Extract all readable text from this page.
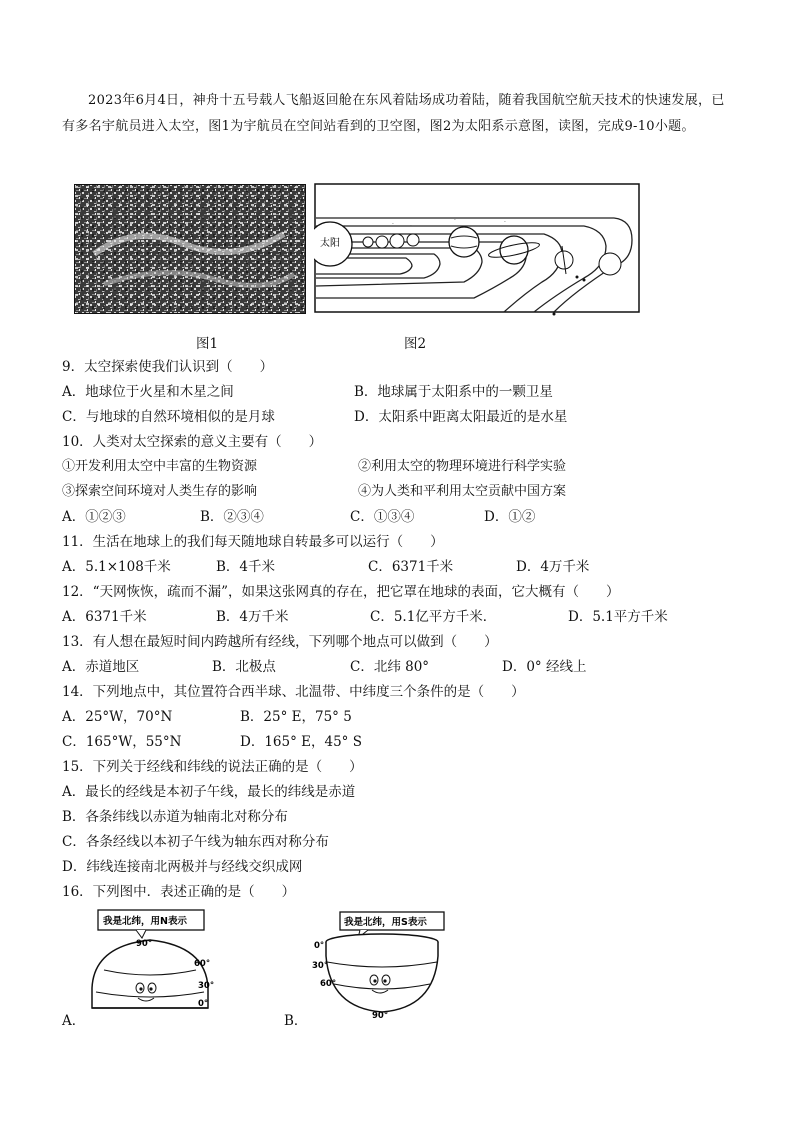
2023年6月4日，神舟十五号载人飞船返回舱在东风着陆场成功着陆，随着我国航空航天技术的快速发展，已有多名宇航员进入太空，图1为宇航员在空间站看到的卫空图，图2为太阳系示意图，读图，完成9-10小题。
图1
太阳
·	·
·	·
图2
9．太空探索使我们认识到（　　）
A．地球位于火星和木星之间	B．地球属于太阳系中的一颗卫星
C．与地球的自然环境相似的是月球	D．太阳系中距离太阳最近的是水星
10．人类对太空探索的意义主要有（　　）
①开发利用太空中丰富的生物资源	②利用太空的物理环境进行科学实验
③探索空间环境对人类生存的影响	④为人类和平利用太空贡献中国方案
A．①②③	B．②③④	C．①③④	D．①②
11．生活在地球上的我们每天随地球自转最多可以运行（　　）
A．5.1×108千米	B．4千米	C．6371千米	D．4万千米
12．“天网恢恢，疏而不漏”，如果这张网真的存在，把它罩在地球的表面，它大概有（　　）
A．6371千米	B．4万千米	C．5.1亿平方千米．	D．5.1平方千米
13．有人想在最短时间内跨越所有经线，下列哪个地点可以做到（　　）
A．赤道地区	B．北极点	C．北纬 80°	D．0° 经线上
14．下列地点中，其位置符合西半球、北温带、中纬度三个条件的是（　　）
A．25°W，70°N	B．25° E，75° 5
C．165°W，55°N	D．165° E，45° S
15．下列关于经线和纬线的说法正确的是（　　）
A．最长的经线是本初子午线，最长的纬线是赤道
B．各条纬线以赤道为轴南北对称分布
C．各条经线以本初子午线为轴东西对称分布
D．纬线连接南北两极并与经线交织成网
16．下列图中．表述正确的是（　　）
A．	B．
我是北纬，用N表示
90°
60°
30°
0°
我是北纬，用S表示
0°
30°
60°
90°
